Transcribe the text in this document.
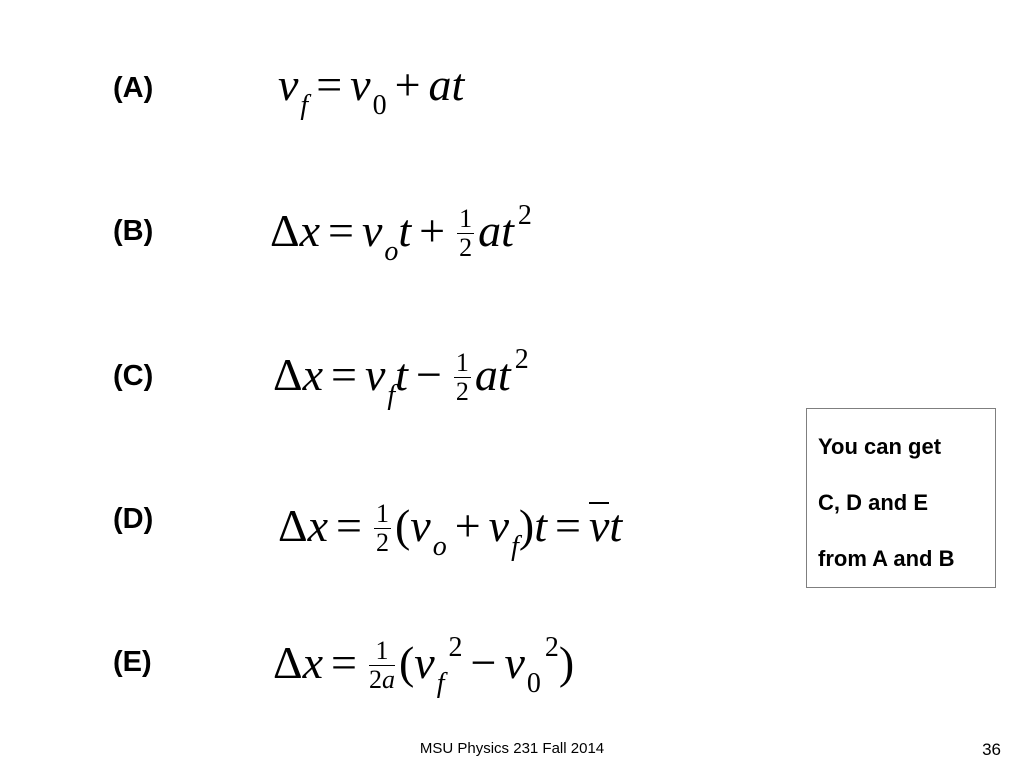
(A)
(B)
(C)
(D)
(E)
$v_f = v_0$ + at
$\Delta x = v_ot + \frac{1}{2}$ at $^2$
$\Delta x = v_ft - \frac{1}{2}$ at $^2$
$\Delta x = \frac{1}{2} (v_o + v_f)t$ = vt
$\Delta x = \frac{1}{2a} (v_f^2 - v_0^2)$
You can get
C, D and E
from A and B
MSU Physics 231 Fall 2014	36
